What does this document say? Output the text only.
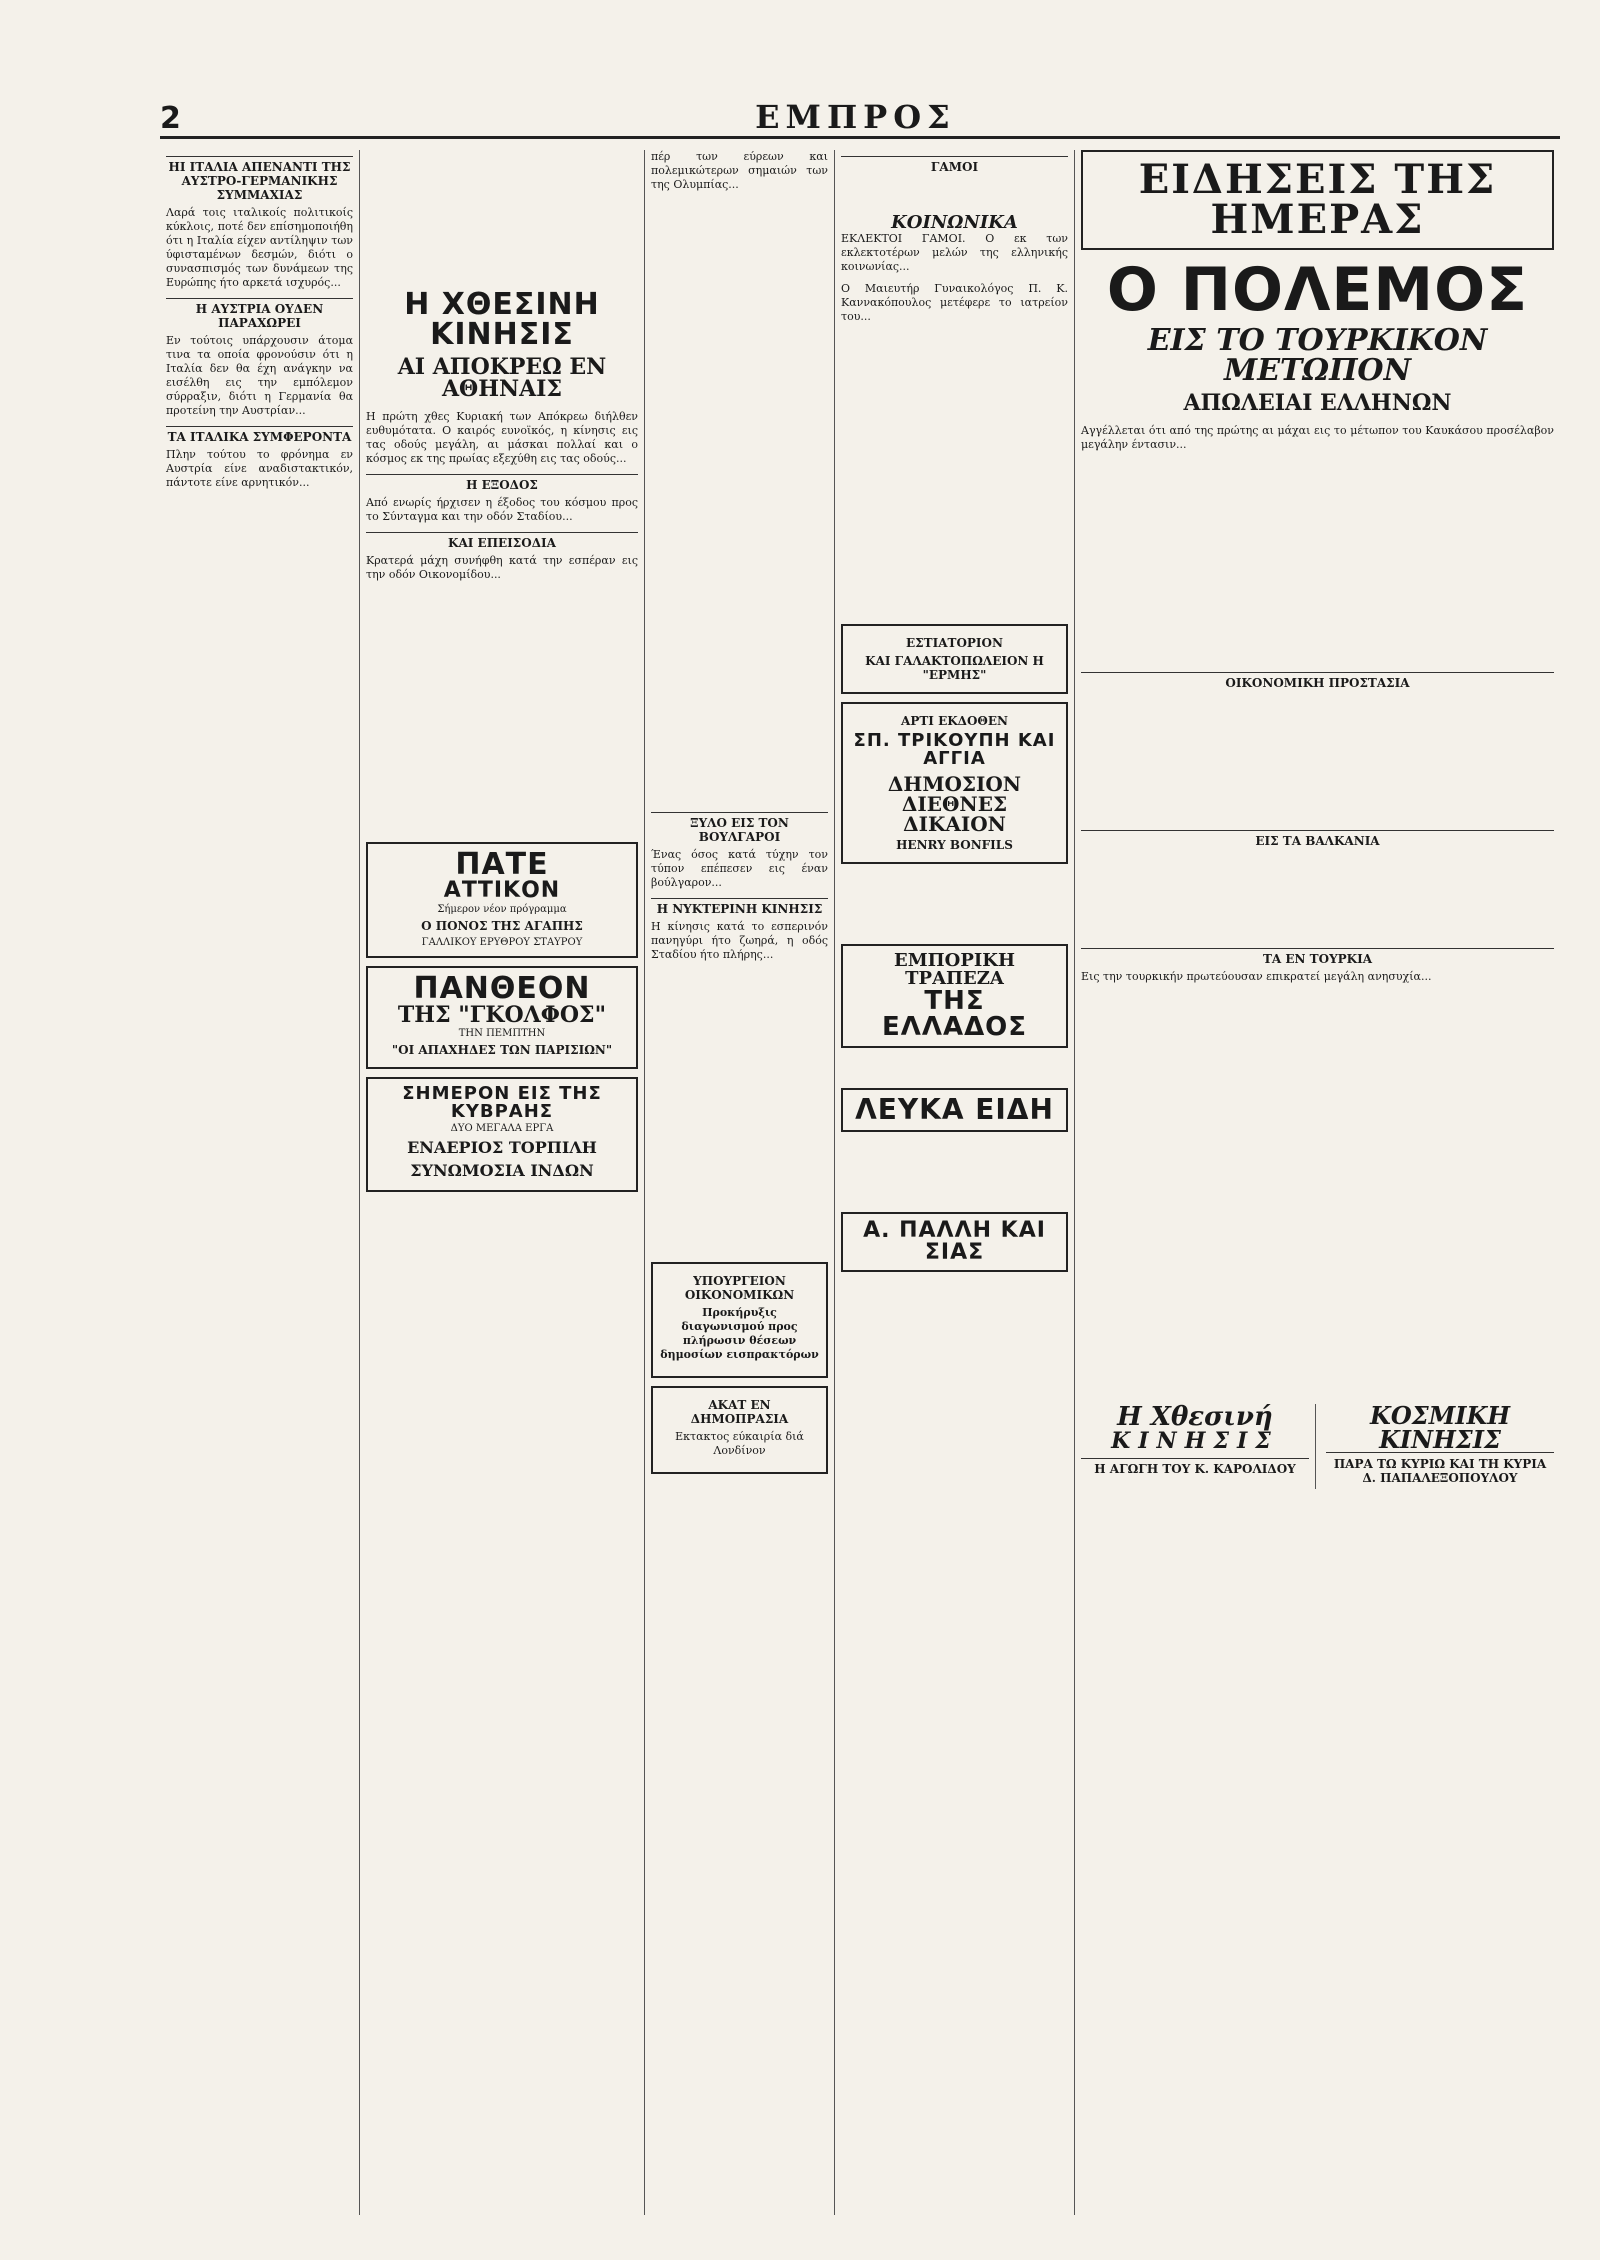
2	ΕΜΠΡΟΣ
ΗΙ ΙΤΑΛΙΑ ΑΠΕΝΑΝΤΙ ΤΗΣ ΑΥΣΤΡΟ-ΓΕΡΜΑΝΙΚΗΣ ΣΥΜΜΑΧΙΑΣ

Λαρά τοις ιταλικοίς πολιτικοίς κύκλοις, ποτέ δεν επίσημοποιήθη ότι η Ιταλία είχεν αντίληψιν των ύφισταμένων δεσμών, διότι ο συνασπισμός των δυνάμεων της Ευρώπης ήτο αρκετά ισχυρός...

Η ΑΥΣΤΡΙΑ ΟΥΔΕΝ ΠΑΡΑΧΩΡΕΙ

Εν τούτοις υπάρχουσιν άτομα τινα τα οποία φρονούσιν ότι η Ιταλία δεν θα έχη ανάγκην να εισέλθη εις την εμπόλεμον σύρραξιν, διότι η Γερμανία θα προτείνη την Αυστρίαν...

ΤΑ ΙΤΑΛΙΚΑ ΣΥΜΦΕΡΟΝΤΑ

Πλην τούτου το φρόνημα εν Αυστρία είνε αναδιστακτικόν, πάντοτε είνε αρνητικόν...

Η ΧΘΕΣΙΝΗ ΚΙΝΗΣΙΣ
ΑΙ ΑΠΟΚΡΕΩ ΕΝ ΑΘΗΝΑΙΣ

Η πρώτη χθες Κυριακή των Απόκρεω διήλθεν ευθυμότατα. Ο καιρός ευνοϊκός, η κίνησις εις τας οδούς μεγάλη, αι μάσκαι πολλαί και ο κόσμος εκ της πρωίας εξεχύθη εις τας οδούς...

Η ΕΞΟΔΟΣ

Από ενωρίς ήρχισεν η έξοδος του κόσμου προς το Σύνταγμα και την οδόν Σταδίου...

ΚΑΙ ΕΠΕΙΣΟΔΙΑ

Κρατερά μάχη συνήφθη κατά την εσπέραν εις την οδόν Οικονομίδου...

ΠΑΤΕ
ΑΤΤΙΚΟΝ
Σήμερον νέον πρόγραμμα
Ο ΠΟΝΟΣ ΤΗΣ ΑΓΑΠΗΣ
ΓΑΛΛΙΚΟΥ ΕΡΥΘΡΟΥ ΣΤΑΥΡΟΥ
ΠΑΝΘΕΟΝ
ΤΗΣ "ΓΚΟΛΦΟΣ"
ΤΗΝ ΠΕΜΠΤΗΝ
"ΟΙ ΑΠΑΧΗΔΕΣ ΤΩΝ ΠΑΡΙΣΙΩΝ"
ΣΗΜΕΡΟΝ ΕΙΣ ΤΗΣ ΚΥΒΡΑΗΣ
ΔΥΟ ΜΕΓΑΛΑ ΕΡΓΑ
ΕΝΑΕΡΙΟΣ ΤΟΡΠΙΛΗ
ΣΥΝΩΜΟΣΙΑ ΙΝΔΩΝ

πέρ των εύρεων και πολεμικώτερων σημαιών των της Ολυμπίας...

ΞΥΛΟ ΕΙΣ ΤΟΝ ΒΟΥΛΓΑΡΟΙ

Ένας όσος κατά τύχην τον τύπον επέπεσεν εις έναν βούλγαρον...

Η ΝΥΚΤΕΡΙΝΗ ΚΙΝΗΣΙΣ

Η κίνησις κατά το εσπερινόν πανηγύρι ήτο ζωηρά, η οδός Σταδίου ήτο πλήρης...

ΥΠΟΥΡΓΕΙΟΝ ΟΙΚΟΝΟΜΙΚΩΝ

Προκήρυξις διαγωνισμού προς πλήρωσιν θέσεων δημοσίων εισπρακτόρων

ΑΚΑΤ ΕΝ ΔΗΜΟΠΡΑΣΙΑ

Εκτακτος εύκαιρία διά Λονδίνον

ΓΑΜΟΙ
ΚΟΙΝΩΝΙΚΑ

ΕΚΛΕΚΤΟΙ ΓΑΜΟΙ. Ο εκ των εκλεκτοτέρων μελών της ελληνικής κοινωνίας...

Ο Μαιευτήρ Γυναικολόγος Π. Κ. Καννακόπουλος μετέφερε το ιατρείον του...

ΕΣΤΙΑΤΟΡΙΟΝ
ΚΑΙ ΓΑΛΑΚΤΟΠΩΛΕΙΟΝ Η "ΕΡΜΗΣ"
ΑΡΤΙ ΕΚΔΟΘΕΝ
ΣΠ. ΤΡΙΚΟΥΠΗ ΚΑΙ ΑΓΓΙΑ
ΔΗΜΟΣΙΟΝ
ΔΙΕΘΝΕΣ ΔΙΚΑΙΟΝ
HENRY BONFILS
ΕΜΠΟΡΙΚΗ ΤΡΑΠΕΖΑ
ΤΗΣ ΕΛΛΑΔΟΣ
ΛΕΥΚΑ ΕΙΔΗ
Α. ΠΑΛΛΗ ΚΑΙ ΣΙΑΣ
ΕΙΔΗΣΕΙΣ ΤΗΣ ΗΜΕΡΑΣ
Ο ΠΟΛΕΜΟΣ
ΕΙΣ ΤΟ ΤΟΥΡΚΙΚΟΝ ΜΕΤΩΠΟΝ
ΑΠΩΛΕΙΑΙ ΕΛΛΗΝΩΝ

Αγγέλλεται ότι από της πρώτης αι μάχαι εις το μέτωπον του Καυκάσου προσέλαβον μεγάλην έντασιν...

ΟΙΚΟΝΟΜΙΚΗ ΠΡΟΣΤΑΣΙΑ
ΕΙΣ ΤΑ ΒΑΛΚΑΝΙΑ
ΤΑ ΕΝ ΤΟΥΡΚΙΑ

Εις την τουρκικήν πρωτεύουσαν επικρατεί μεγάλη ανησυχία...

Η Χθεσινή
ΚΙΝΗΣΙΣ
Η ΑΓΩΓΗ ΤΟΥ Κ. ΚΑΡΟΛΙΔΟΥ
ΚΟΣΜΙΚΗ ΚΙΝΗΣΙΣ
ΠΑΡΑ ΤΩ ΚΥΡΙΩ ΚΑΙ ΤΗ ΚΥΡΙΑ Δ. ΠΑΠΑΛΕΞΟΠΟΥΛΟΥ
